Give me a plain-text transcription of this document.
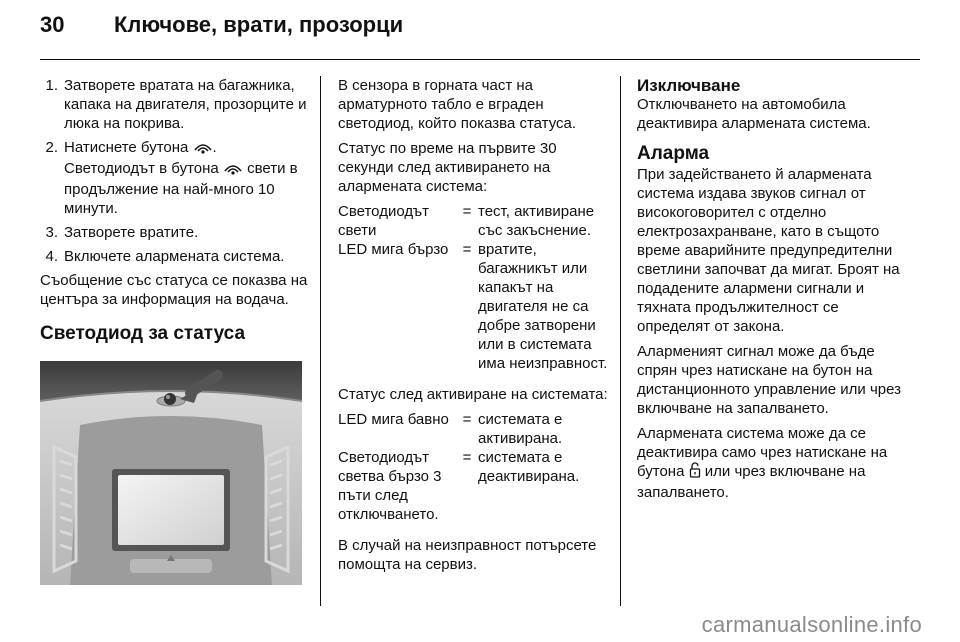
30 Ключове, врати, прозорци
1. Затворете вратата на багажника, капака на двигателя, прозорците и люка на покрива.
2. Натиснете бутона . Светодиодът в бутона  свети в продължение на най-много 10 минути.
3. Затворете вратите.
4. Включете алармената система.

Съобщение със статуса се показва на центъра за информация на водача.

Светодиод за статуса

В сензора в горната част на арматурното табло е вграден светодиод, който показва статуса.

Статус по време на първите 30 секунди след активирането на алармената система:

Светодиодът свети	=	тест, активиране със закъснение.
LED мига бързо	=	вратите, багажникът или капакът на двигателя не са добре затворени или в системата има неизправност.

Статус след активиране на системата:

LED мига бавно	=	системата е активирана.
Светодиодът светва бързо 3 пъти след отключването.	=	системата е деактивирана.

В случай на неизправност потърсете помощта на сервиз.

Изключване

Отключването на автомобила деактивира алармената система.

Аларма

При задействането й алармената система издава звуков сигнал от високоговорител с отделно електрозахранване, като в същото време аварийните предупредителни светлини започват да мигат. Броят на подадените алармени сигнали и тяхната продължителност се определят от закона.

Алармeният сигнал може да бъде спрян чрез натискане на бутон на дистанционното управление или чрез включване на запалването.

Алармената система може да се деактивира само чрез натискане на бутона  или чрез включване на запалването.

carmanualsonline.info
